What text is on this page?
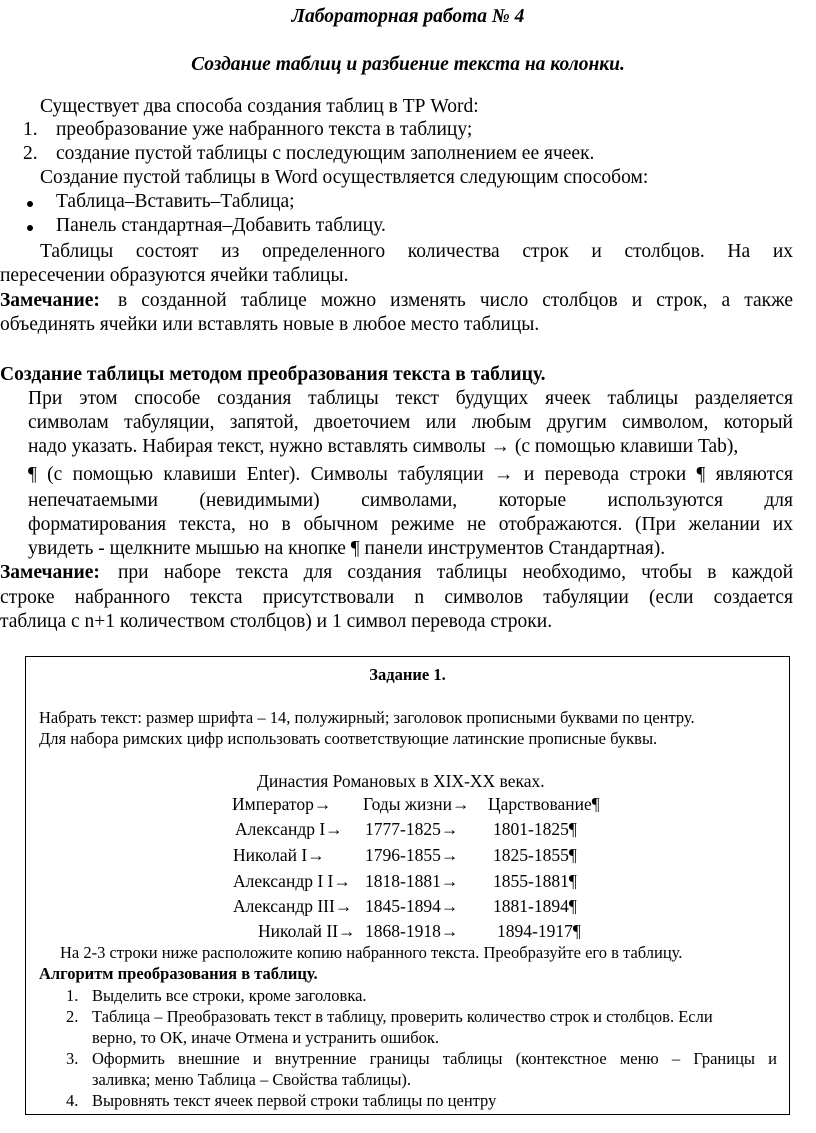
Лабораторная работа № 4
Создание таблиц и разбиение текста на колонки.
Существует два способа создания таблиц в ТР Word:
1. преобразование уже набранного текста в таблицу;
2. создание пустой таблицы с последующим заполнением ее ячеек.
Создание пустой таблицы в Word осуществляется следующим способом:
Таблица–Вставить–Таблица;
Панель стандартная–Добавить таблицу.
Таблицы состоят из определенного количества строк и столбцов. На их
пересечении образуются ячейки таблицы.
Замечание: в созданной таблице можно изменять число столбцов и строк, а также
объединять ячейки или вставлять новые в любое место таблицы.
Создание таблицы методом преобразования текста в таблицу.
При этом способе создания таблицы текст будущих ячеек таблицы разделяется
символам табуляции, запятой, двоеточием или любым другим символом, который
надо указать. Набирая текст, нужно вставлять символы → (с помощью клавиши Tab),
¶ (с помощью клавиши Enter). Символы табуляции → и перевода строки ¶ являются
непечатаемыми (невидимыми) символами, которые используются для
форматирования текста, но в обычном режиме не отображаются. (При желании их
увидеть - щелкните мышью на кнопке ¶ панели инструментов Стандартная).
Замечание: при наборе текста для создания таблицы необходимо, чтобы в каждой
строке набранного текста присутствовали n символов табуляции (если создается
таблица с n+1 количеством столбцов) и 1 символ перевода строки.
Задание 1.
Набрать текст: размер шрифта – 14, полужирный; заголовок прописными буквами по центру.
Для набора римских цифр использовать соответствующие латинские прописные буквы.
Династия Романовых в XIX-XX веках.
Император→ Годы жизни→ Царствование¶
Александр I→ 1777-1825→ 1801-1825¶
Николай I→ 1796-1855→ 1825-1855¶
Александр I I→ 1818-1881→ 1855-1881¶
Александр III→ 1845-1894→ 1881-1894¶
Николай II→ 1868-1918→ 1894-1917¶
На 2-3 строки ниже расположите копию набранного текста. Преобразуйте его в таблицу.
Алгоритм преобразования в таблицу.
1. Выделить все строки, кроме заголовка.
2. Таблица – Преобразовать текст в таблицу, проверить количество строк и столбцов. Если
верно, то ОК, иначе Отмена и устранить ошибок.
3. Оформить внешние и внутренние границы таблицы (контекстное меню – Границы и
заливка; меню Таблица – Свойства таблицы).
4. Выровнять текст ячеек первой строки таблицы по центру
